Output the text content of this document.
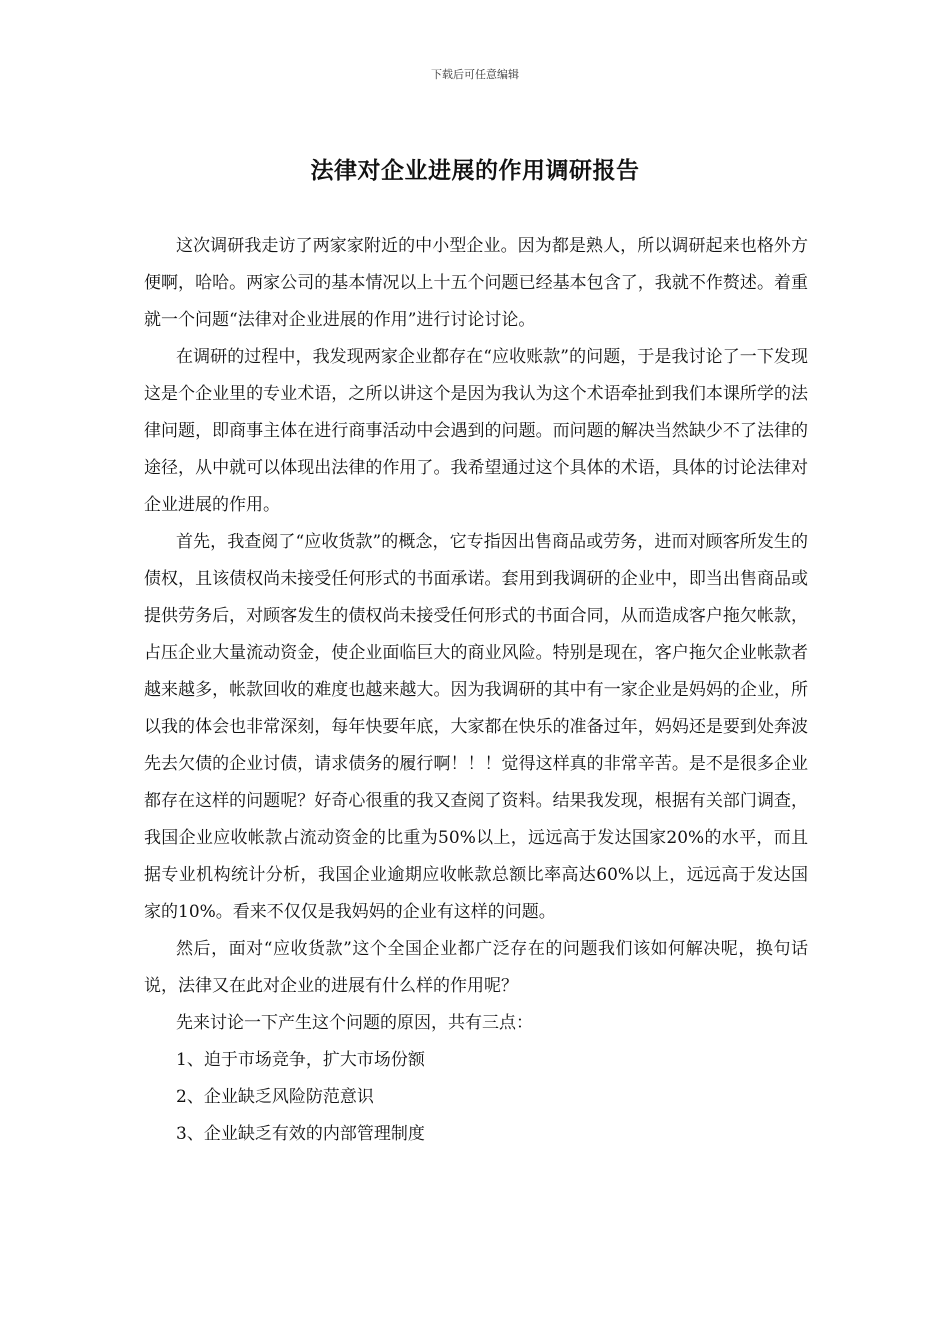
下载后可任意编辑
法律对企业进展的作用调研报告

这次调研我走访了两家家附近的中小型企业。因为都是熟人，所以调研起来也格外方便啊，哈哈。两家公司的基本情况以上十五个问题已经基本包含了，我就不作赘述。着重就一个问题“法律对企业进展的作用”进行讨论讨论。

在调研的过程中，我发现两家企业都存在“应收账款”的问题，于是我讨论了一下发现这是个企业里的专业术语，之所以讲这个是因为我认为这个术语牵扯到我们本课所学的法律问题，即商事主体在进行商事活动中会遇到的问题。而问题的解决当然缺少不了法律的途径，从中就可以体现出法律的作用了。我希望通过这个具体的术语，具体的讨论法律对企业进展的作用。

首先，我查阅了“应收货款”的概念，它专指因出售商品或劳务，进而对顾客所发生的债权，且该债权尚未接受任何形式的书面承诺。套用到我调研的企业中，即当出售商品或提供劳务后，对顾客发生的债权尚未接受任何形式的书面合同，从而造成客户拖欠帐款，占压企业大量流动资金，使企业面临巨大的商业风险。特别是现在，客户拖欠企业帐款者越来越多，帐款回收的难度也越来越大。因为我调研的其中有一家企业是妈妈的企业，所以我的体会也非常深刻，每年快要年底，大家都在快乐的准备过年，妈妈还是要到处奔波先去欠债的企业讨债，请求债务的履行啊！！！觉得这样真的非常辛苦。是不是很多企业都存在这样的问题呢？好奇心很重的我又查阅了资料。结果我发现，根据有关部门调查，我国企业应收帐款占流动资金的比重为50%以上，远远高于发达国家20%的水平，而且据专业机构统计分析，我国企业逾期应收帐款总额比率高达60%以上，远远高于发达国家的10%。看来不仅仅是我妈妈的企业有这样的问题。

然后，面对“应收货款”这个全国企业都广泛存在的问题我们该如何解决呢，换句话说，法律又在此对企业的进展有什么样的作用呢？

先来讨论一下产生这个问题的原因，共有三点：

1、迫于市场竞争，扩大市场份额

2、企业缺乏风险防范意识

3、企业缺乏有效的内部管理制度
